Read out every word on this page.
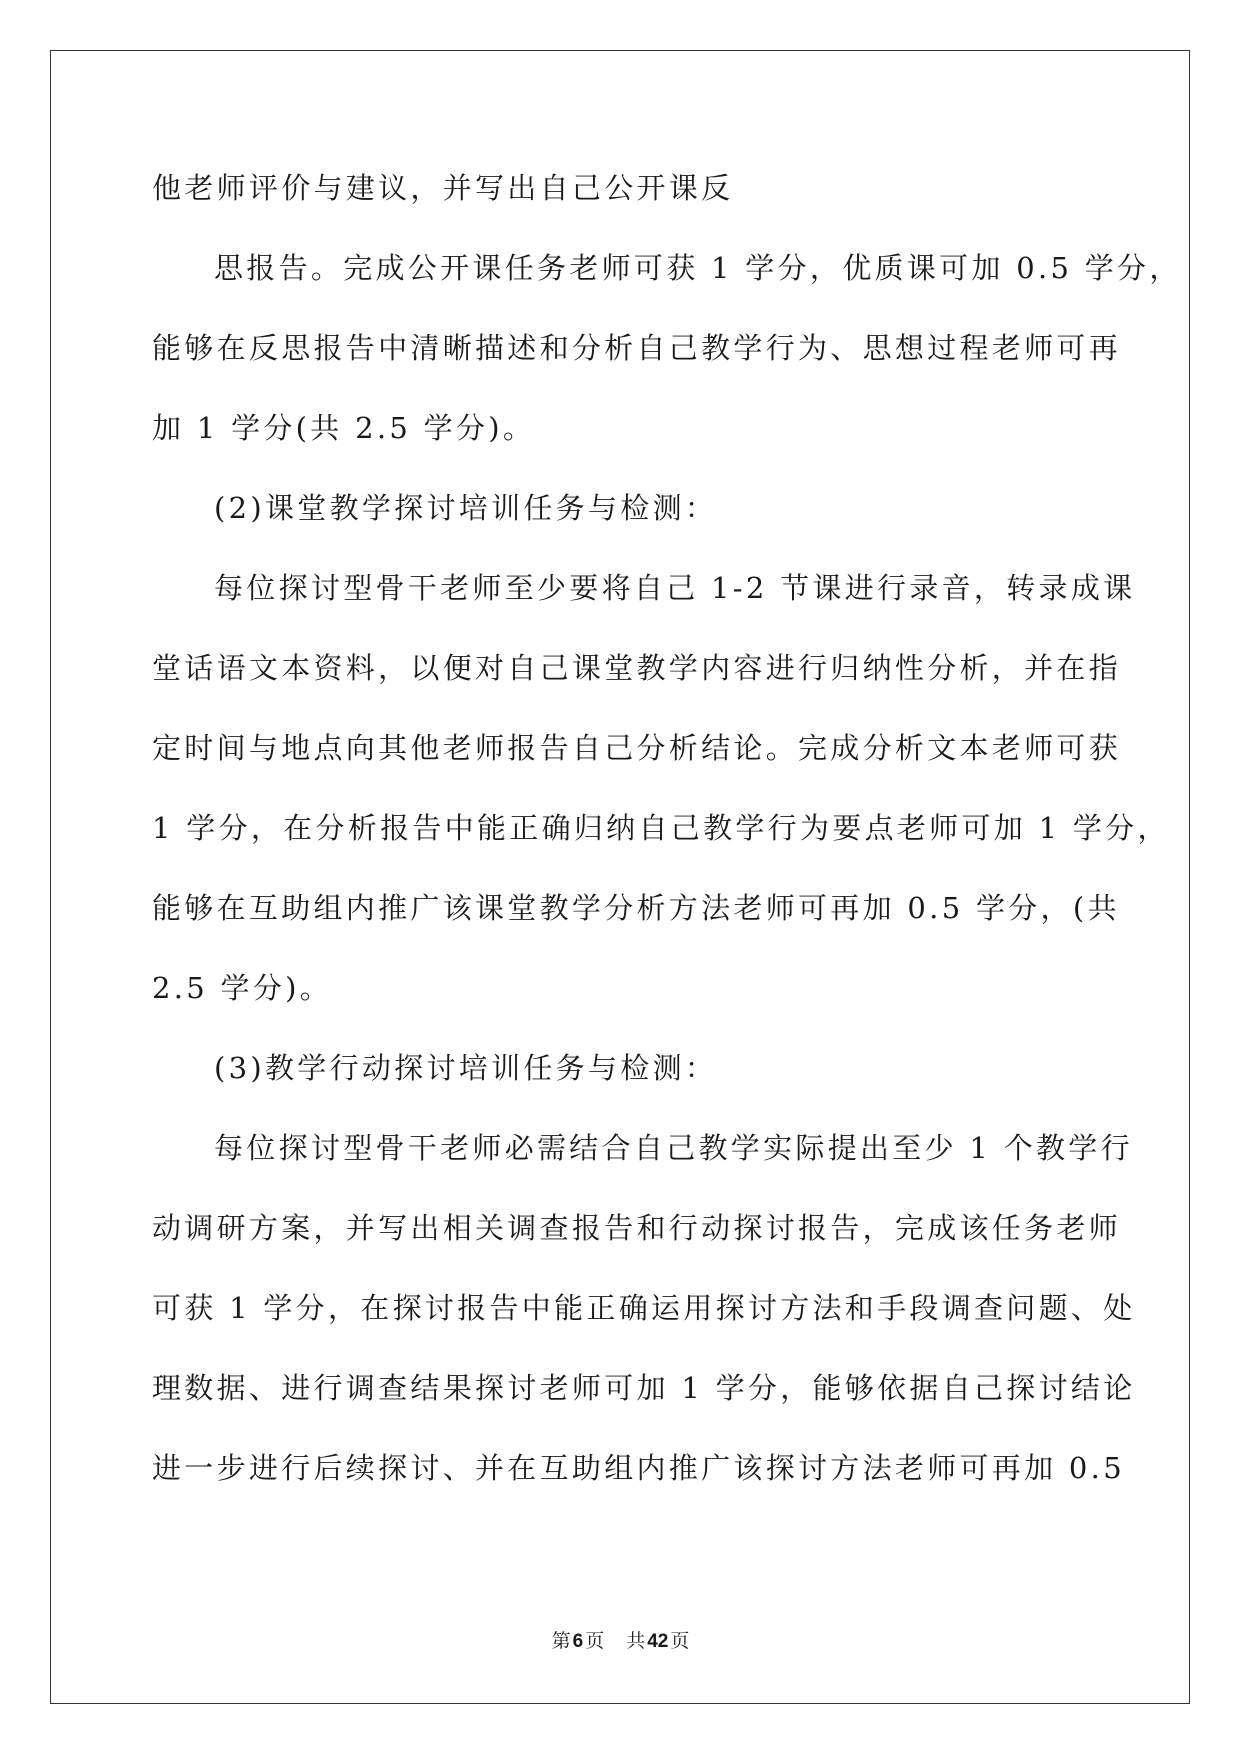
他老师评价与建议，并写出自己公开课反
思报告。完成公开课任务老师可获 1 学分，优质课可加 0.5 学分，
能够在反思报告中清晰描述和分析自己教学行为、思想过程老师可再
加 1 学分(共 2.5 学分)。
(2)课堂教学探讨培训任务与检测：
每位探讨型骨干老师至少要将自己 1-2 节课进行录音，转录成课
堂话语文本资料，以便对自己课堂教学内容进行归纳性分析，并在指
定时间与地点向其他老师报告自己分析结论。完成分析文本老师可获
1 学分，在分析报告中能正确归纳自己教学行为要点老师可加 1 学分，
能够在互助组内推广该课堂教学分析方法老师可再加 0.5 学分，(共
2.5 学分)。
(3)教学行动探讨培训任务与检测：
每位探讨型骨干老师必需结合自己教学实际提出至少 1 个教学行
动调研方案，并写出相关调查报告和行动探讨报告，完成该任务老师
可获 1 学分，在探讨报告中能正确运用探讨方法和手段调查问题、处
理数据、进行调查结果探讨老师可加 1 学分，能够依据自己探讨结论
进一步进行后续探讨、并在互助组内推广该探讨方法老师可再加 0.5
第 6 页 共 42 页
